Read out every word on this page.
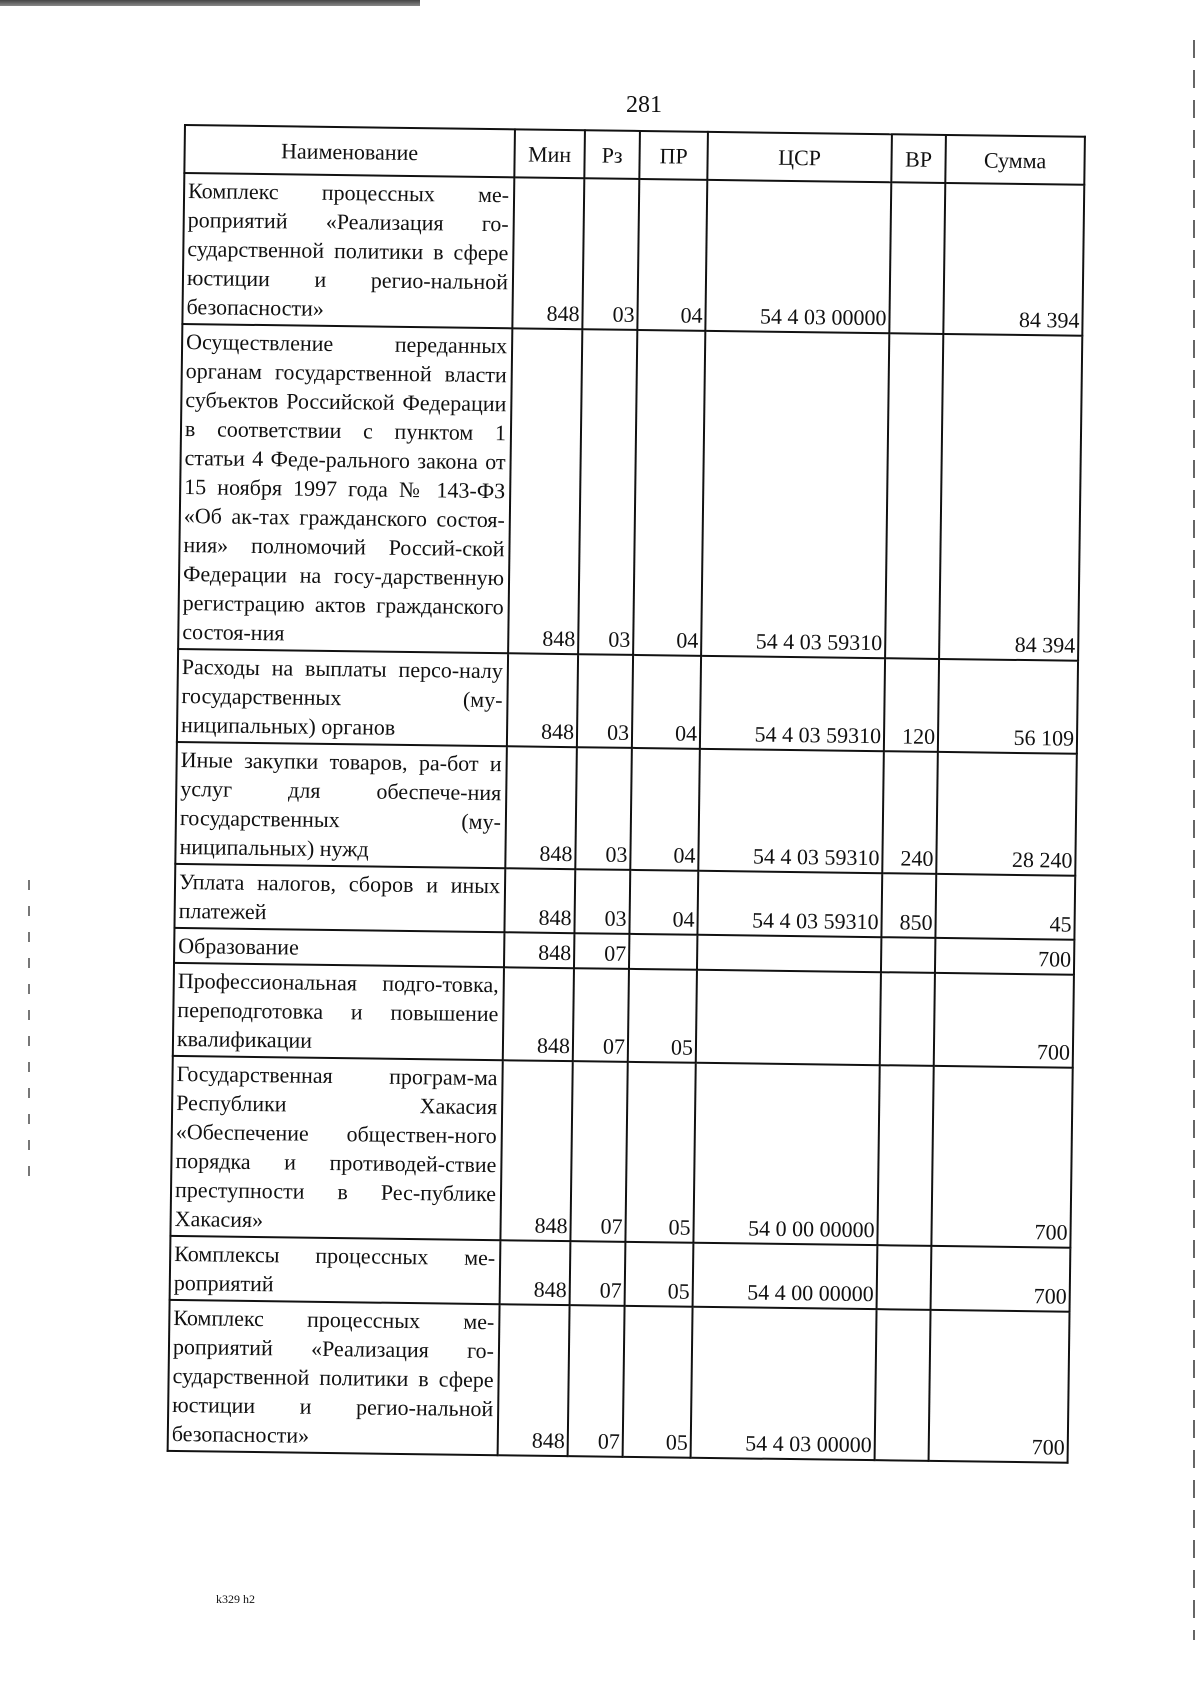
281
Наименование	Мин	Рз	ПР	ЦСР	ВР	Сумма
Комплекс процессных ме-роприятий «Реализация го-сударственной политики в сфере юстиции и регио-нальной безопасности»	848	03	04	54 4 03 00000		84 394
Осуществление переданных органам государственной власти субъектов Российской Федерации в соответствии с пунктом 1 статьи 4 Феде-рального закона от 15 ноября 1997 года № 143-ФЗ «Об ак-тах гражданского состоя-ния» полномочий Россий-ской Федерации на госу-дарственную регистрацию актов гражданского состоя-ния	848	03	04	54 4 03 59310		84 394
Расходы на выплаты персо-налу государственных (му-ниципальных) органов	848	03	04	54 4 03 59310	120	56 109
Иные закупки товаров, ра-бот и услуг для обеспече-ния государственных (му-ниципальных) нужд	848	03	04	54 4 03 59310	240	28 240
Уплата налогов, сборов и иных платежей	848	03	04	54 4 03 59310	850	45
Образование	848	07				700
Профессиональная подго-товка, переподготовка и повышение квалификации	848	07	05			700
Государственная програм-ма Республики Хакасия «Обеспечение обществен-ного порядка и противодей-ствие преступности в Рес-публике Хакасия»	848	07	05	54 0 00 00000		700
Комплексы процессных ме-роприятий	848	07	05	54 4 00 00000		700
Комплекс процессных ме-роприятий «Реализация го-сударственной политики в сфере юстиции и регио-нальной безопасности»	848	07	05	54 4 03 00000		700
k329 h2
